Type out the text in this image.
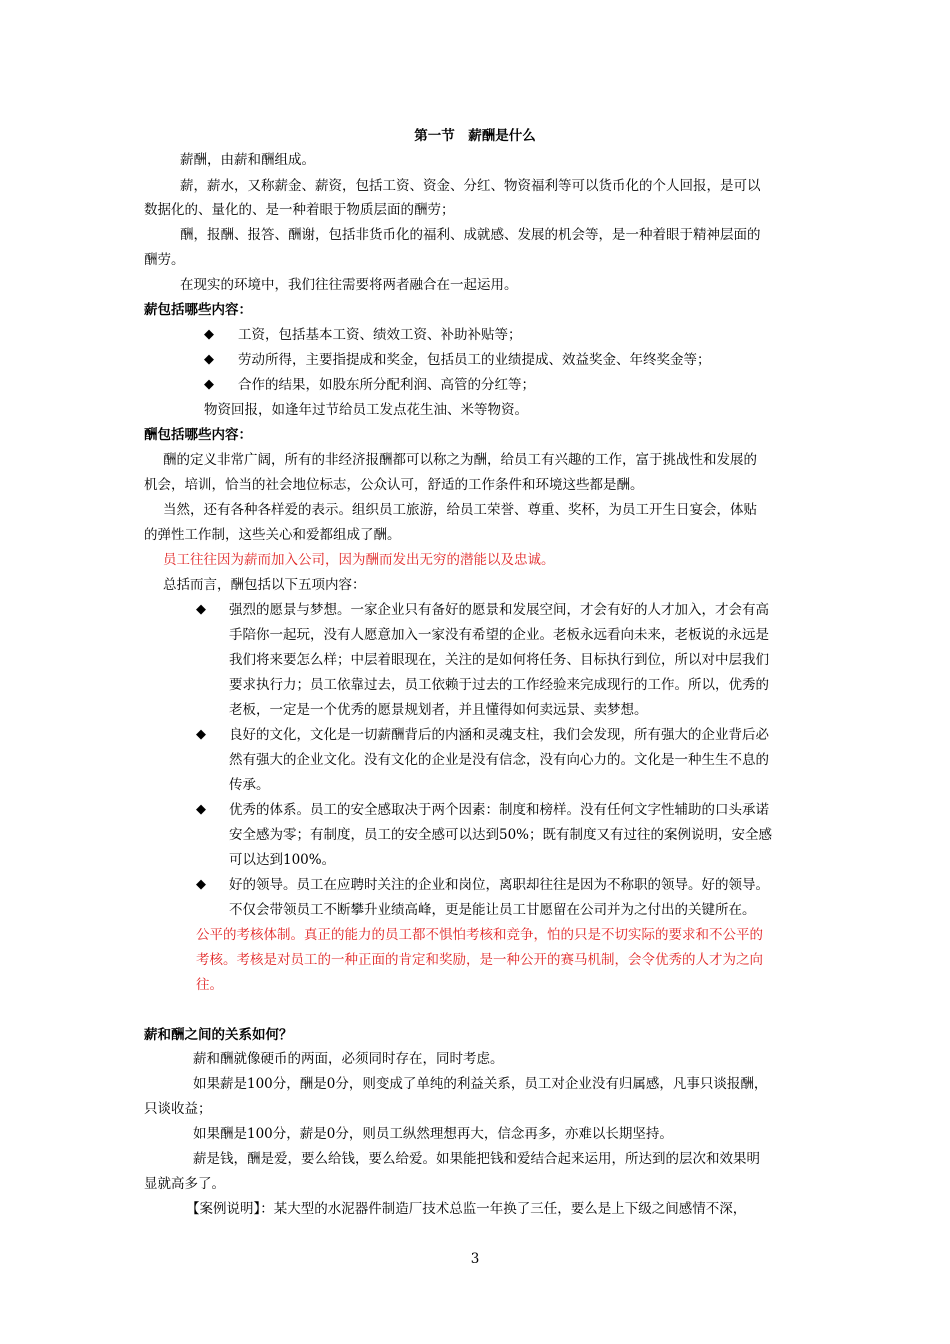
第一节　薪酬是什么
薪酬，由薪和酬组成。
薪，薪水，又称薪金、薪资，包括工资、资金、分红、物资福利等可以货币化的个人回报，是可以
数据化的、量化的、是一种着眼于物质层面的酬劳；
酬，报酬、报答、酬谢，包括非货币化的福利、成就感、发展的机会等，是一种着眼于精神层面的
酬劳。
在现实的环境中，我们往往需要将两者融合在一起运用。
薪包括哪些内容：
◆ 工资，包括基本工资、绩效工资、补助补贴等；
◆ 劳动所得，主要指提成和奖金，包括员工的业绩提成、效益奖金、年终奖金等；
◆ 合作的结果，如股东所分配利润、高管的分红等；
物资回报，如逢年过节给员工发点花生油、米等物资。
酬包括哪些内容：
酬的定义非常广阔，所有的非经济报酬都可以称之为酬，给员工有兴趣的工作，富于挑战性和发展的
机会，培训，恰当的社会地位标志，公众认可，舒适的工作条件和环境这些都是酬。
当然，还有各种各样爱的表示。组织员工旅游，给员工荣誉、尊重、奖杯，为员工开生日宴会，体贴
的弹性工作制，这些关心和爱都组成了酬。
员工往往因为薪而加入公司，因为酬而发出无穷的潜能以及忠诚。
总括而言，酬包括以下五项内容：
◆ 强烈的愿景与梦想。一家企业只有备好的愿景和发展空间，才会有好的人才加入，才会有高
手陪你一起玩，没有人愿意加入一家没有希望的企业。老板永远看向未来，老板说的永远是
我们将来要怎么样；中层着眼现在，关注的是如何将任务、目标执行到位，所以对中层我们
要求执行力；员工依靠过去，员工依赖于过去的工作经验来完成现行的工作。所以，优秀的
老板，一定是一个优秀的愿景规划者，并且懂得如何卖远景、卖梦想。
◆ 良好的文化，文化是一切薪酬背后的内涵和灵魂支柱，我们会发现，所有强大的企业背后必
然有强大的企业文化。没有文化的企业是没有信念，没有向心力的。文化是一种生生不息的
传承。
◆ 优秀的体系。员工的安全感取决于两个因素：制度和榜样。没有任何文字性辅助的口头承诺
安全感为零；有制度，员工的安全感可以达到50%；既有制度又有过往的案例说明，安全感
可以达到100%。
◆ 好的领导。员工在应聘时关注的企业和岗位，离职却往往是因为不称职的领导。好的领导。
不仅会带领员工不断攀升业绩高峰，更是能让员工甘愿留在公司并为之付出的关键所在。
公平的考核体制。真正的能力的员工都不惧怕考核和竞争，怕的只是不切实际的要求和不公平的
考核。考核是对员工的一种正面的肯定和奖励，是一种公开的赛马机制，会令优秀的人才为之向
往。
薪和酬之间的关系如何？
薪和酬就像硬币的两面，必须同时存在，同时考虑。
如果薪是100分，酬是0分，则变成了单纯的利益关系，员工对企业没有归属感，凡事只谈报酬，
只谈收益；
如果酬是100分，薪是0分，则员工纵然理想再大，信念再多，亦难以长期坚持。
薪是钱，酬是爱，要么给钱，要么给爱。如果能把钱和爱结合起来运用，所达到的层次和效果明
显就高多了。
【案例说明】：某大型的水泥器件制造厂技术总监一年换了三任，要么是上下级之间感情不深，
3
